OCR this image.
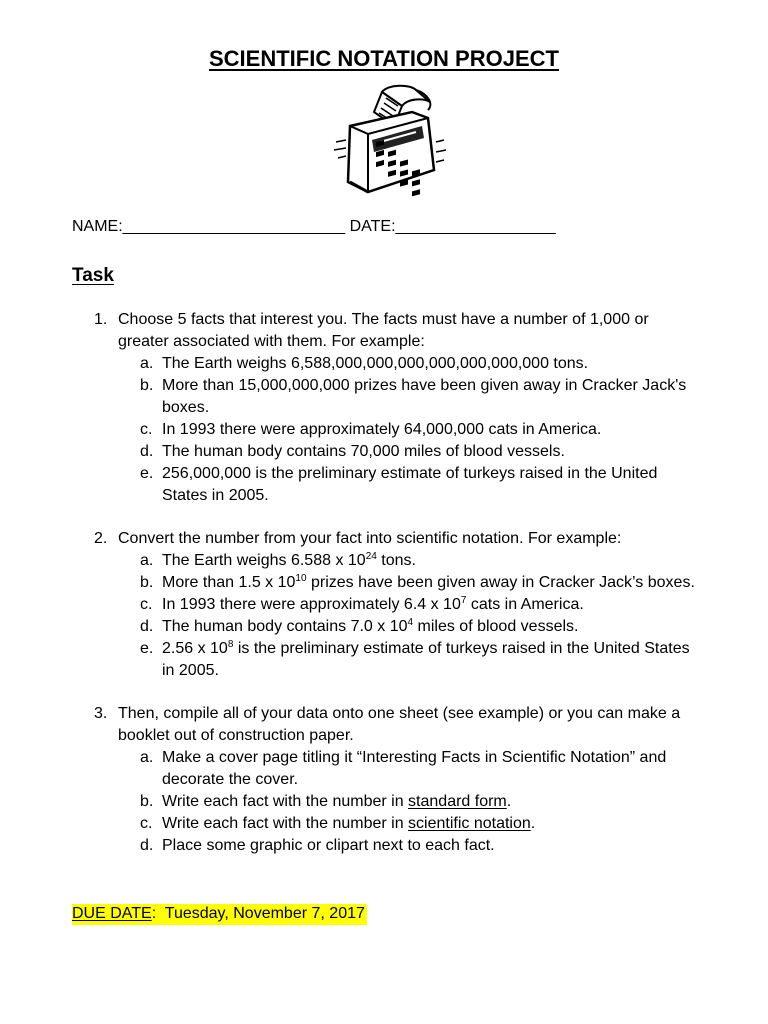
SCIENTIFIC NOTATION PROJECT
NAME:_________________________ DATE:__________________
Task
1. Choose 5 facts that interest you. The facts must have a number of 1,000 or greater associated with them. For example:
a. The Earth weighs 6,588,000,000,000,000,000,000,000 tons.
b. More than 15,000,000,000 prizes have been given away in Cracker Jack's boxes.
c. In 1993 there were approximately 64,000,000 cats in America.
d. The human body contains 70,000 miles of blood vessels.
e. 256,000,000 is the preliminary estimate of turkeys raised in the United States in 2005.
2. Convert the number from your fact into scientific notation. For example:
a. The Earth weighs 6.588 x $10^{24}$ tons.
b. More than 1.5 x $10^{10}$ prizes have been given away in Cracker Jack’s boxes.
c. In 1993 there were approximately 6.4 x $10^7$ cats in America.
d. The human body contains 7.0 x $10^4$ miles of blood vessels.
e. 2.56 x $10^8$ is the preliminary estimate of turkeys raised in the United States in 2005.
3. Then, compile all of your data onto one sheet (see example) or you can make a booklet out of construction paper.
a. Make a cover page titling it “Interesting Facts in Scientific Notation” and decorate the cover.
b. Write each fact with the number in standard form.
c. Write each fact with the number in scientific notation.
d. Place some graphic or clipart next to each fact.
DUE DATE:  Tuesday, November 7, 2017
